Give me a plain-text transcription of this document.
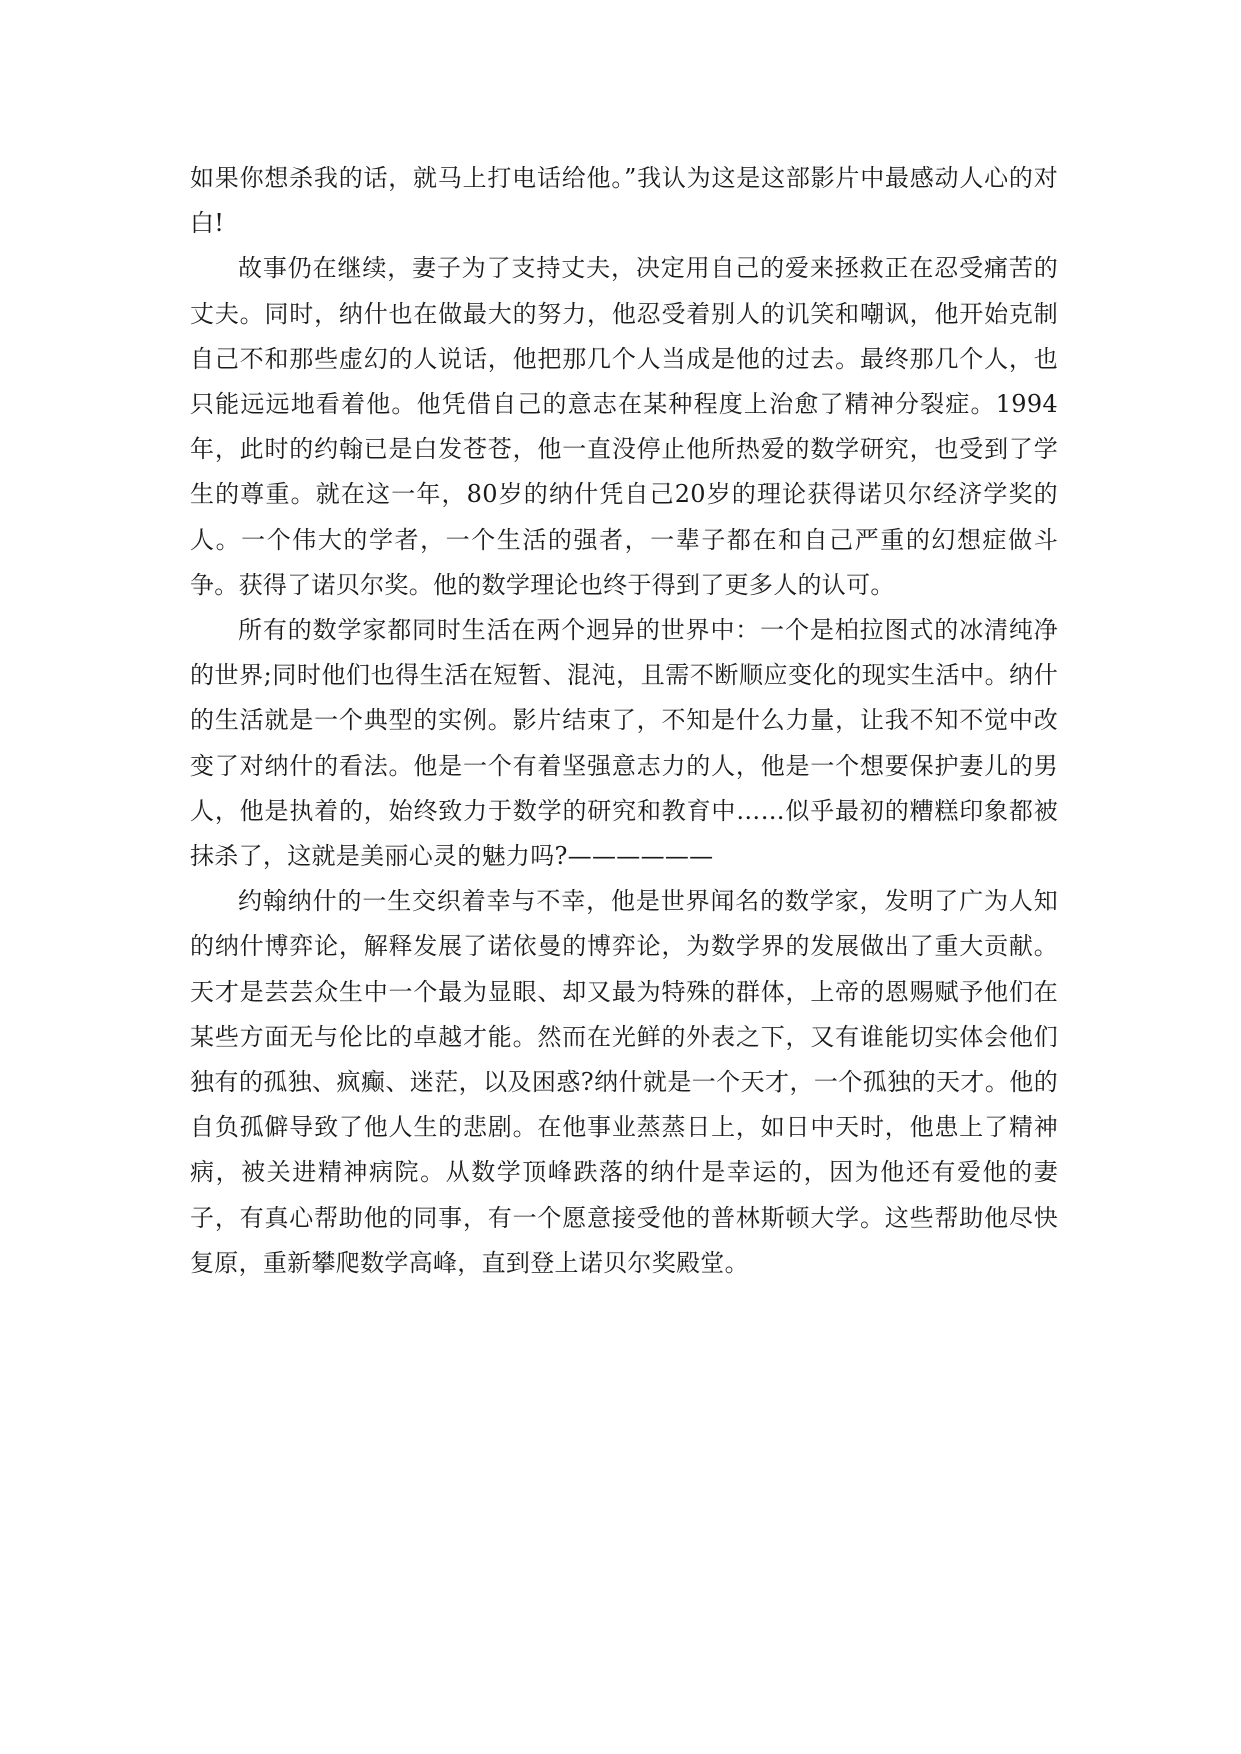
如果你想杀我的话，就马上打电话给他。”我认为这是这部影片中最感动人心的对白!

故事仍在继续，妻子为了支持丈夫，决定用自己的爱来拯救正在忍受痛苦的丈夫。同时，纳什也在做最大的努力，他忍受着别人的讥笑和嘲讽，他开始克制自己不和那些虚幻的人说话，他把那几个人当成是他的过去。最终那几个人，也只能远远地看着他。他凭借自己的意志在某种程度上治愈了精神分裂症。1994年，此时的约翰已是白发苍苍，他一直没停止他所热爱的数学研究，也受到了学生的尊重。就在这一年，80岁的纳什凭自己20岁的理论获得诺贝尔经济学奖的人。一个伟大的学者，一个生活的强者，一辈子都在和自己严重的幻想症做斗争。获得了诺贝尔奖。他的数学理论也终于得到了更多人的认可。

所有的数学家都同时生活在两个迥异的世界中：一个是柏拉图式的冰清纯净的世界;同时他们也得生活在短暂、混沌，且需不断顺应变化的现实生活中。纳什的生活就是一个典型的实例。影片结束了，不知是什么力量，让我不知不觉中改变了对纳什的看法。他是一个有着坚强意志力的人，他是一个想要保护妻儿的男人，他是执着的，始终致力于数学的研究和教育中……似乎最初的糟糕印象都被抹杀了，这就是美丽心灵的魅力吗?——————

约翰纳什的一生交织着幸与不幸，他是世界闻名的数学家，发明了广为人知的纳什博弈论，解释发展了诺依曼的博弈论，为数学界的发展做出了重大贡献。天才是芸芸众生中一个最为显眼、却又最为特殊的群体，上帝的恩赐赋予他们在某些方面无与伦比的卓越才能。然而在光鲜的外表之下，又有谁能切实体会他们独有的孤独、疯癫、迷茫，以及困惑?纳什就是一个天才，一个孤独的天才。他的自负孤僻导致了他人生的悲剧。在他事业蒸蒸日上，如日中天时，他患上了精神病，被关进精神病院。从数学顶峰跌落的纳什是幸运的，因为他还有爱他的妻子，有真心帮助他的同事，有一个愿意接受他的普林斯顿大学。这些帮助他尽快复原，重新攀爬数学高峰，直到登上诺贝尔奖殿堂。
